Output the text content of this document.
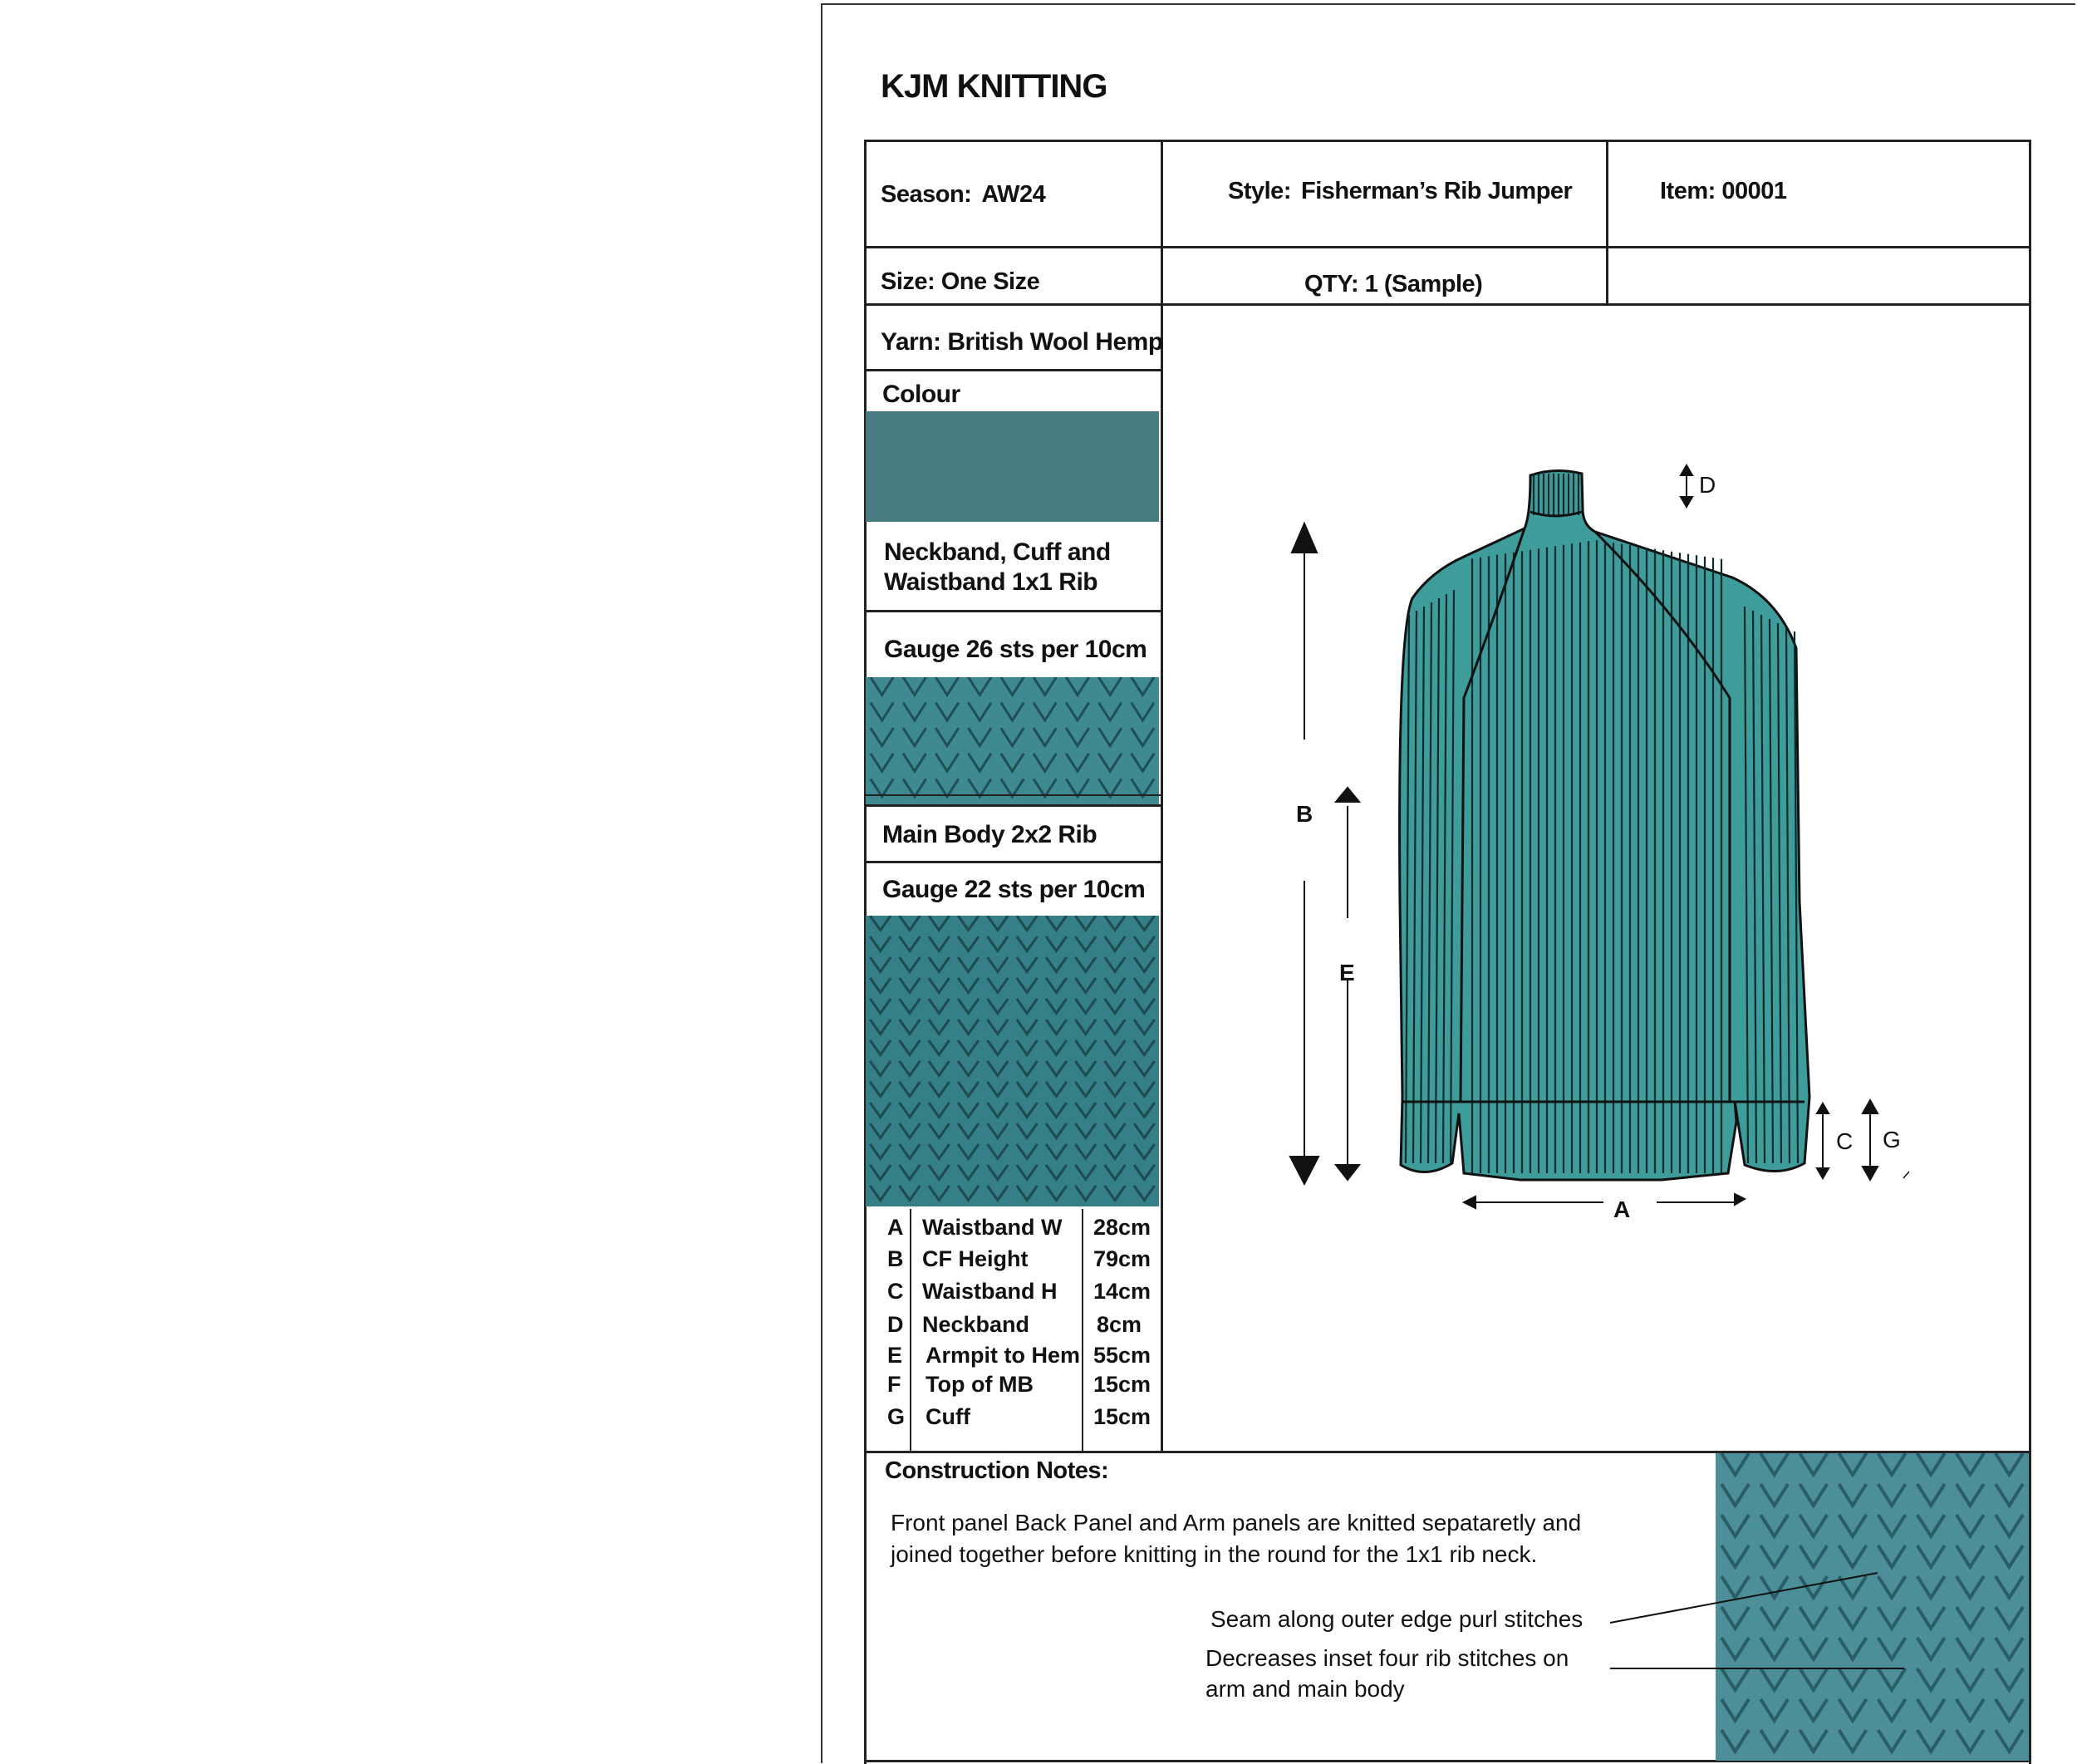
KJM KNITTING
Season: AW24	Style: Fisherman’s Rib Jumper	Item: 00001
Size: One Size	QTY: 1 (Sample)
Yarn: British Wool Hemp
Colour
Neckband, Cuff and
Waistband 1x1 Rib
Gauge 26 sts per 10cm
Main Body 2x2 Rib
Gauge 22 sts per 10cm
A Waistband W 28cm
B CF Height	79cm
C Waistband H 14cm
D Neckband	8cm
E Armpit to Hem 55cm
F Top of MB	15cm
G Cuff	15cm
D
B
E
A
C G
Construction Notes:
Front panel Back Panel and Arm panels are knitted sepataretly and joined together before knitting in the round for the 1x1 rib neck.
Seam along outer edge purl stitches
Decreases inset four rib stitches on arm and main body
